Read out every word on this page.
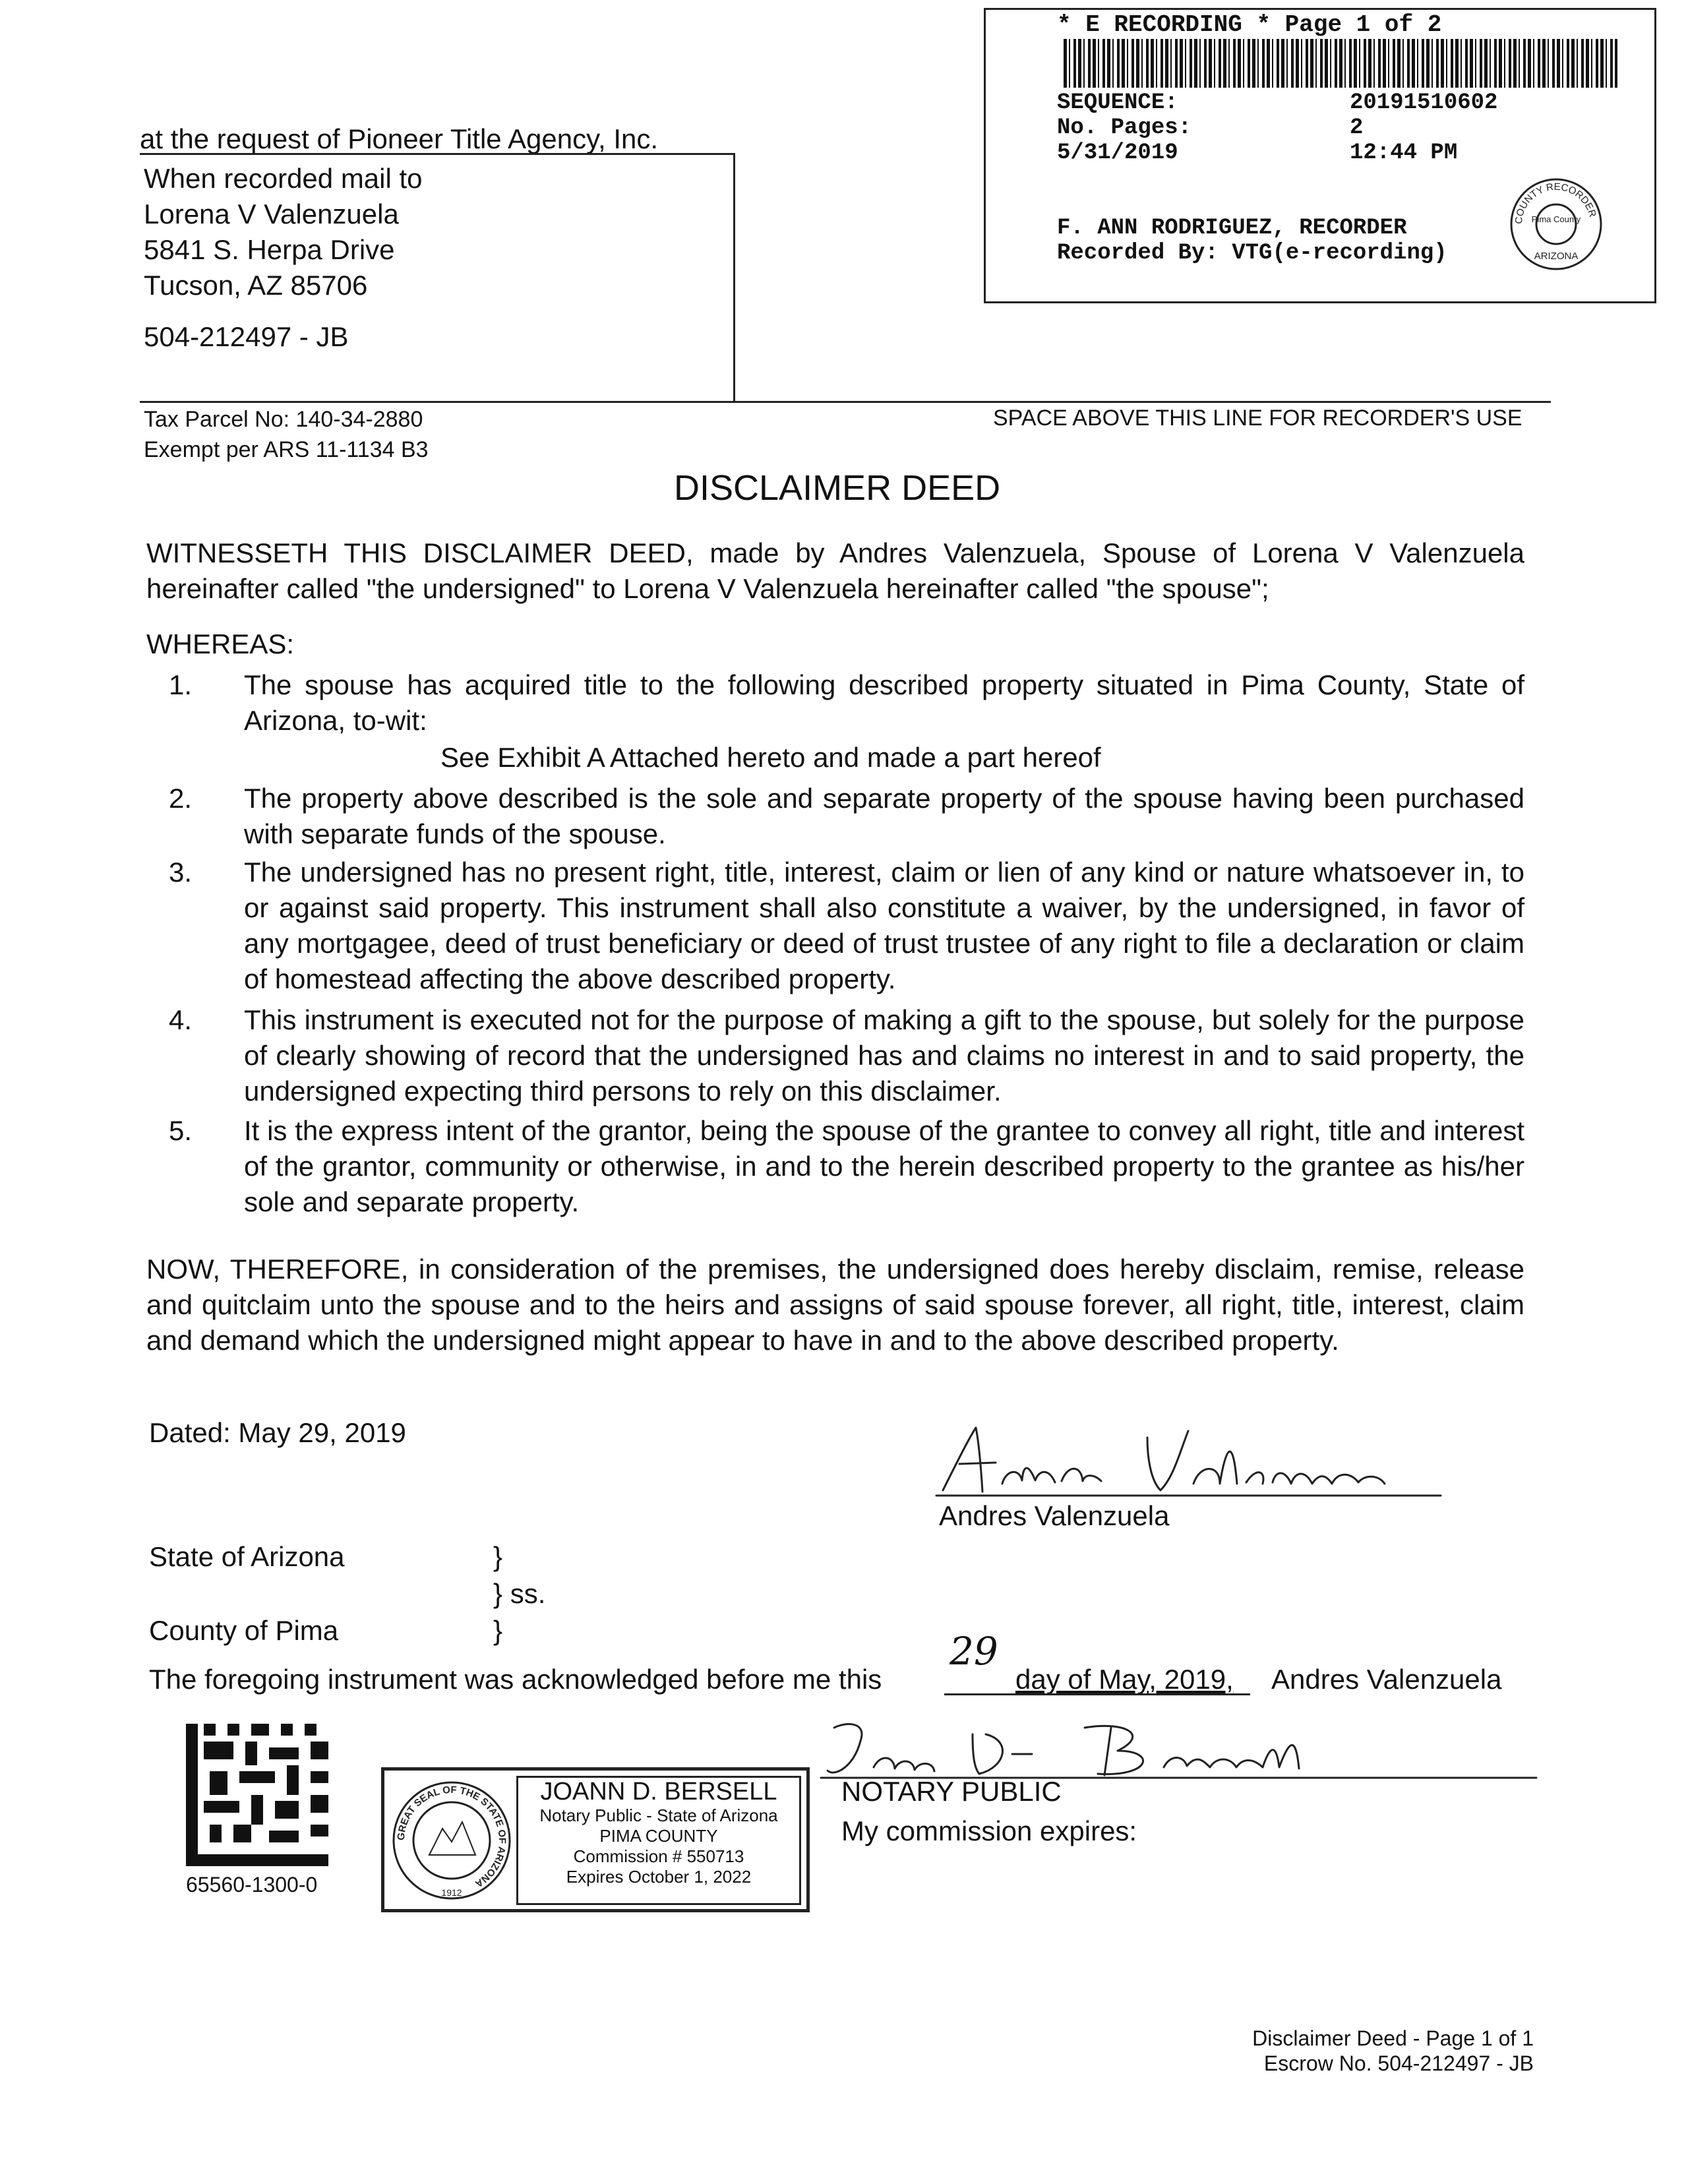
* E RECORDING * Page 1 of 2
SEQUENCE:	20191510602
No. Pages:	2
5/31/2019	12:44 PM
F. ANN RODRIGUEZ, RECORDER
Recorded By: VTG(e-recording)
COUNTY RECORDER
Pima County
ARIZONA
at the request of Pioneer Title Agency, Inc.
When recorded mail to
Lorena V Valenzuela
5841 S. Herpa Drive
Tucson, AZ 85706
504-212497 - JB
Tax Parcel No: 140-34-2880
Exempt per ARS 11-1134 B3
SPACE ABOVE THIS LINE FOR RECORDER'S USE
DISCLAIMER DEED
WITNESSETH THIS DISCLAIMER DEED, made by Andres Valenzuela, Spouse of Lorena V Valenzuela hereinafter called "the undersigned" to Lorena V Valenzuela hereinafter called "the spouse";
WHEREAS:
1. The spouse has acquired title to the following described property situated in Pima County, State of Arizona, to-wit:
See Exhibit A Attached hereto and made a part hereof
2. The property above described is the sole and separate property of the spouse having been purchased with separate funds of the spouse.
3. The undersigned has no present right, title, interest, claim or lien of any kind or nature whatsoever in, to or against said property. This instrument shall also constitute a waiver, by the undersigned, in favor of any mortgagee, deed of trust beneficiary or deed of trust trustee of any right to file a declaration or claim of homestead affecting the above described property.
4. This instrument is executed not for the purpose of making a gift to the spouse, but solely for the purpose of clearly showing of record that the undersigned has and claims no interest in and to said property, the undersigned expecting third persons to rely on this disclaimer.
5. It is the express intent of the grantor, being the spouse of the grantee to convey all right, title and interest of the grantor, community or otherwise, in and to the herein described property to the grantee as his/her sole and separate property.
NOW, THEREFORE, in consideration of the premises, the undersigned does hereby disclaim, remise, release and quitclaim unto the spouse and to the heirs and assigns of said spouse forever, all right, title, interest, claim and demand which the undersigned might appear to have in and to the above described property.
Dated: May 29, 2019
Andres Valenzuela
State of Arizona	}
} ss.
County of Pima	}
The foregoing instrument was acknowledged before me this
29
day of May, 2019, Andres Valenzuela
NOTARY PUBLIC
My commission expires:
65560-1300-0
GREAT SEAL OF THE STATE OF ARIZONA
1912
JOANN D. BERSELL
Notary Public - State of Arizona
PIMA COUNTY
Commission # 550713
Expires October 1, 2022
Disclaimer Deed - Page 1 of 1
Escrow No. 504-212497 - JB
